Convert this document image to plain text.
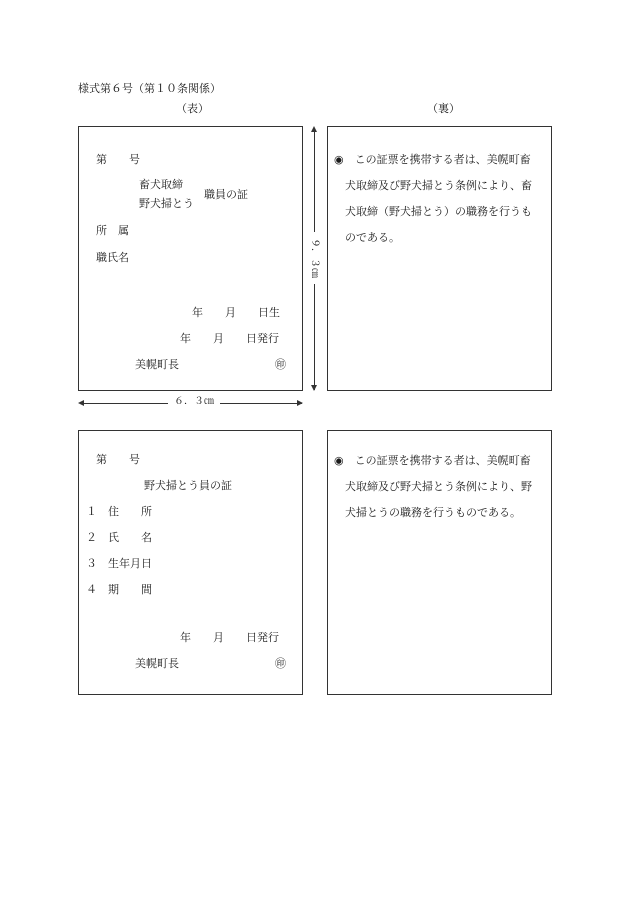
様式第６号（第１０条関係）
（表）	（裏）
第　　号
畜犬取締
野犬掃とう
職員の証
所　属
職氏名
年　　月　　日生
年　　月　　日発行
美幌町長	㊞
◉　この証票を携帯する者は、美幌町畜
犬取締及び野犬掃とう条例により、畜
犬取締（野犬掃とう）の職務を行うも
のである。
９．３㎝
６．３㎝
第　　号
野犬掃とう員の証
１　住　　所
２　氏　　名
３　生年月日
４　期　　間
年　　月　　日発行
美幌町長	㊞
◉　この証票を携帯する者は、美幌町畜
犬取締及び野犬掃とう条例により、野
犬掃とうの職務を行うものである。
